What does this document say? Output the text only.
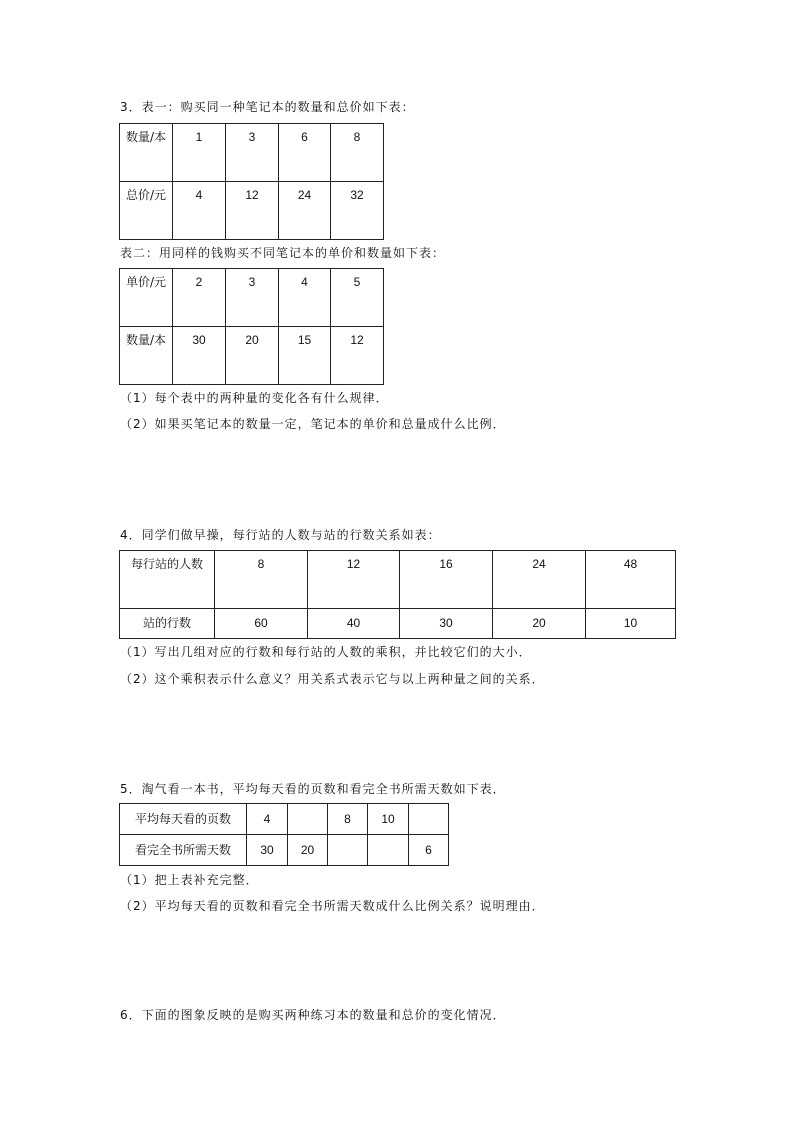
3．表一：购买同一种笔记本的数量和总价如下表：
数量/本	1	3	6	8
总价/元	4	12	24	32
表二：用同样的钱购买不同笔记本的单价和数量如下表：
单价/元	2	3	4	5
数量/本	30	20	15	12
（1）每个表中的两种量的变化各有什么规律．
（2）如果买笔记本的数量一定，笔记本的单价和总量成什么比例．
4．同学们做早操，每行站的人数与站的行数关系如表：
每行站的人数	8	12	16	24	48
站的行数	60	40	30	20	10
（1）写出几组对应的行数和每行站的人数的乘积，并比较它们的大小．
（2）这个乘积表示什么意义？用关系式表示它与以上两种量之间的关系．
5．淘气看一本书，平均每天看的页数和看完全书所需天数如下表．
平均每天看的页数	4		8	10	
看完全书所需天数	30	20			6
（1）把上表补充完整．
（2）平均每天看的页数和看完全书所需天数成什么比例关系？说明理由．
6．下面的图象反映的是购买两种练习本的数量和总价的变化情况．
